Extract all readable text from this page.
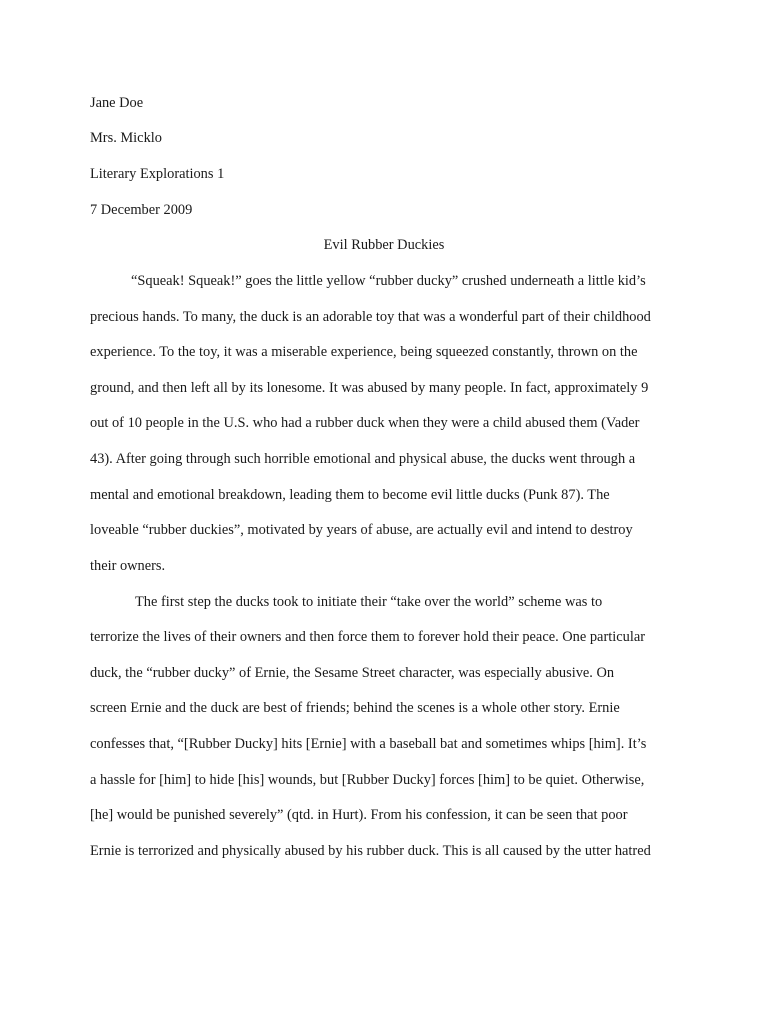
Jane Doe
Mrs. Micklo
Literary Explorations 1
7 December 2009
Evil Rubber Duckies
“Squeak! Squeak!” goes the little yellow “rubber ducky” crushed underneath a little kid’s
precious hands. To many, the duck is an adorable toy that was a wonderful part of their childhood
experience. To the toy, it was a miserable experience, being squeezed constantly, thrown on the
ground, and then left all by its lonesome. It was abused by many people. In fact, approximately 9
out of 10 people in the U.S. who had a rubber duck when they were a child abused them (Vader
43). After going through such horrible emotional and physical abuse, the ducks went through a
mental and emotional breakdown, leading them to become evil little ducks (Punk 87). The
loveable “rubber duckies”, motivated by years of abuse, are actually evil and intend to destroy
their owners.
The first step the ducks took to initiate their “take over the world” scheme was to
terrorize the lives of their owners and then force them to forever hold their peace. One particular
duck, the “rubber ducky” of Ernie, the Sesame Street character, was especially abusive. On
screen Ernie and the duck are best of friends; behind the scenes is a whole other story. Ernie
confesses that, “[Rubber Ducky] hits [Ernie] with a baseball bat and sometimes whips [him]. It’s
a hassle for [him] to hide [his] wounds, but [Rubber Ducky] forces [him] to be quiet. Otherwise,
[he] would be punished severely” (qtd. in Hurt). From his confession, it can be seen that poor
Ernie is terrorized and physically abused by his rubber duck. This is all caused by the utter hatred
